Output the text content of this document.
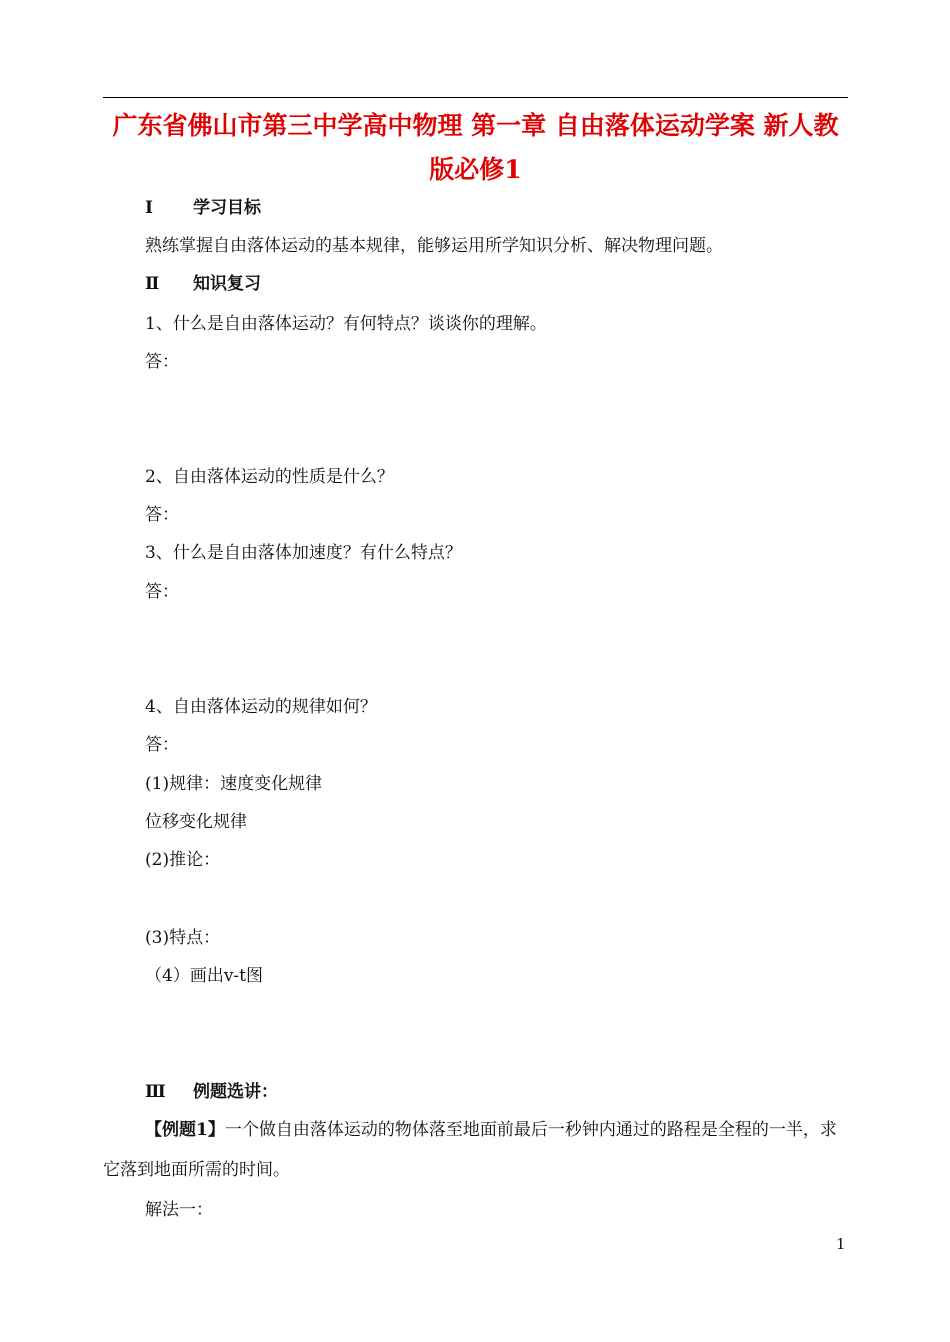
广东省佛山市第三中学高中物理 第一章 自由落体运动学案 新人教版必修1
Ⅰ 学习目标
熟练掌握自由落体运动的基本规律，能够运用所学知识分析、解决物理问题。
Ⅱ 知识复习
1、什么是自由落体运动？有何特点？谈谈你的理解。
答：
2、自由落体运动的性质是什么？
答：
3、什么是自由落体加速度？有什么特点？
答：
4、自由落体运动的规律如何？
答：
(1)规律：速度变化规律
位移变化规律
(2)推论：
(3)特点：
（4）画出v-t图
Ⅲ 例题选讲：
【例题1】一个做自由落体运动的物体落至地面前最后一秒钟内通过的路程是全程的一半，求它落到地面所需的时间。
解法一：
1
